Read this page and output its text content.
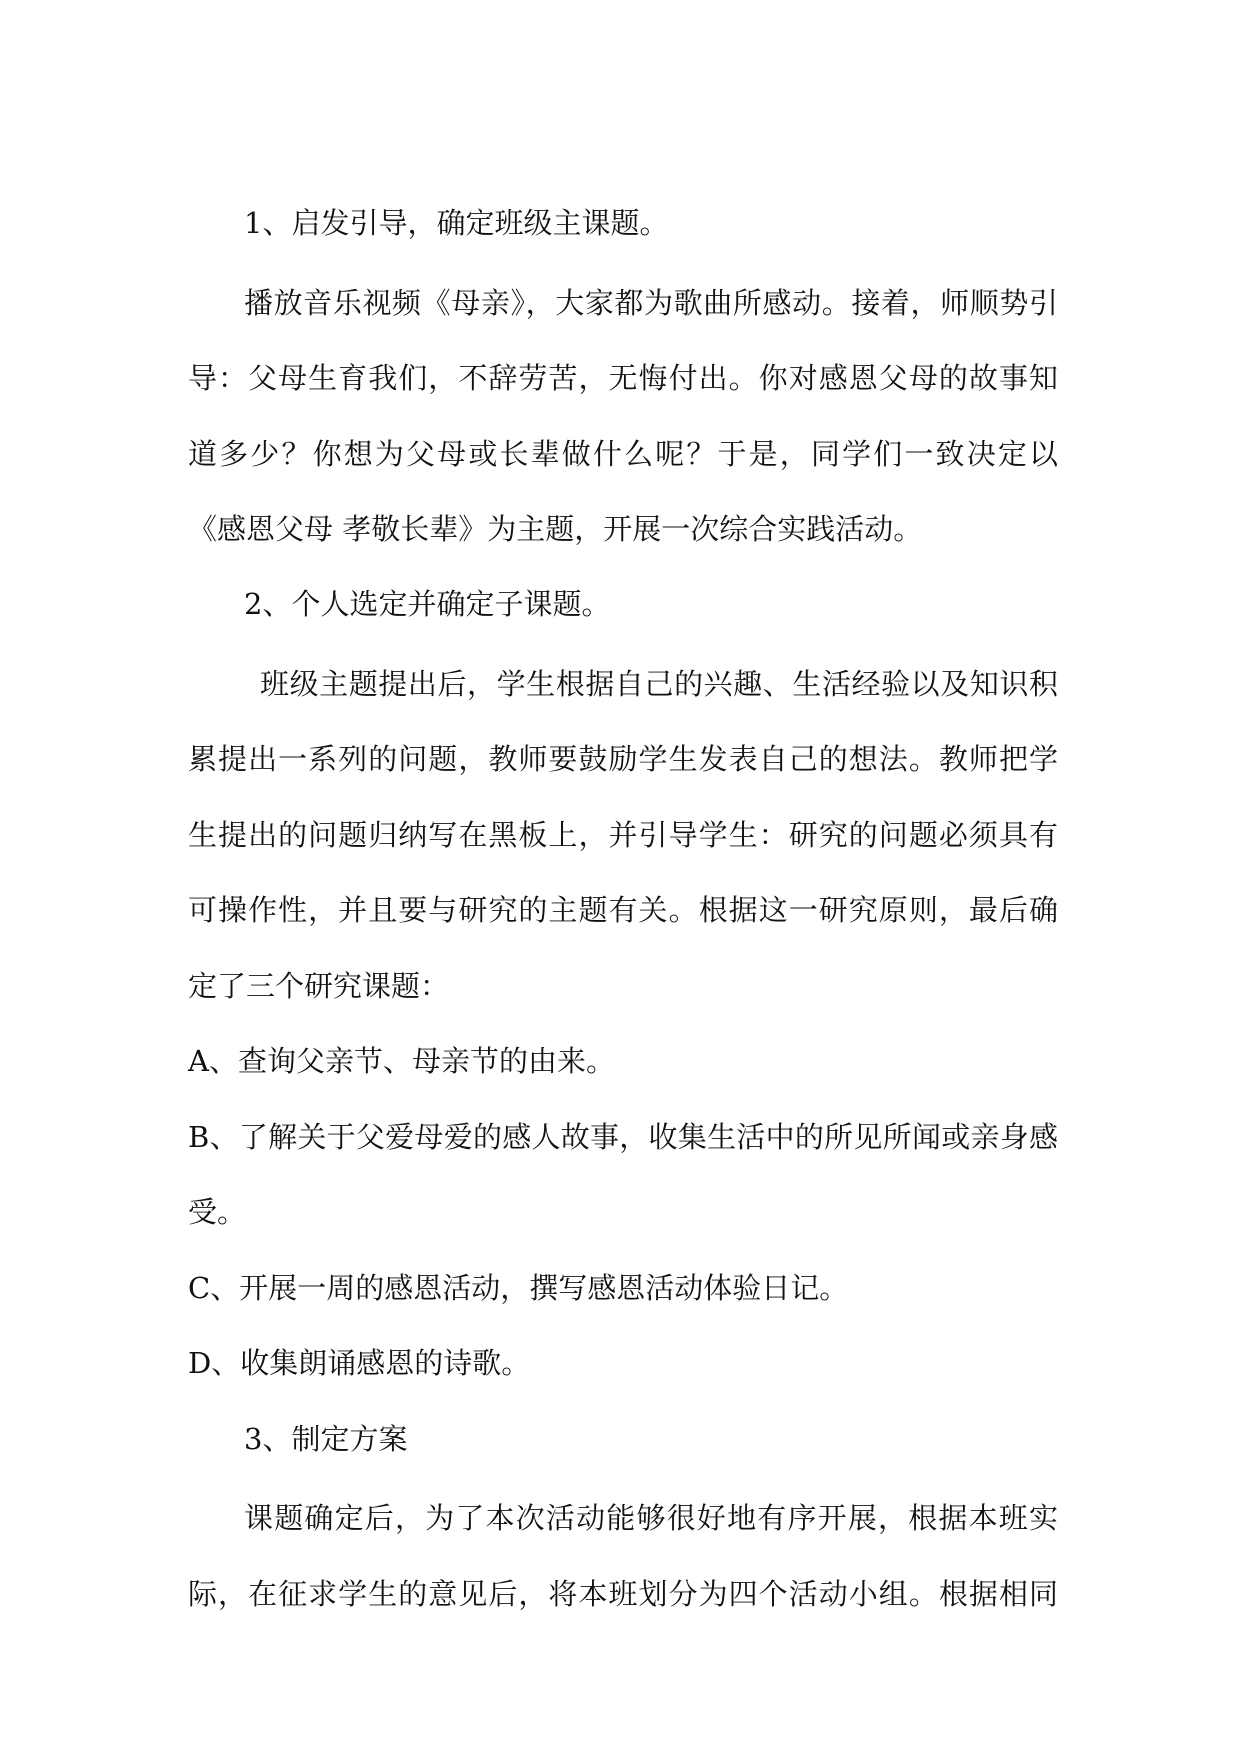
1、启发引导，确定班级主课题。
播放音乐视频《母亲》，大家都为歌曲所感动。接着，师顺势引
导：父母生育我们，不辞劳苦，无悔付出。你对感恩父母的故事知
道多少？你想为父母或长辈做什么呢？于是，同学们一致决定以
《感恩父母 孝敬长辈》为主题，开展一次综合实践活动。
2、个人选定并确定子课题。
班级主题提出后，学生根据自己的兴趣、生活经验以及知识积
累提出一系列的问题，教师要鼓励学生发表自己的想法。教师把学
生提出的问题归纳写在黑板上，并引导学生：研究的问题必须具有
可操作性，并且要与研究的主题有关。根据这一研究原则，最后确
定了三个研究课题：
A、查询父亲节、母亲节的由来。
B、了解关于父爱母爱的感人故事，收集生活中的所见所闻或亲身感
受。
C、开展一周的感恩活动，撰写感恩活动体验日记。
D、收集朗诵感恩的诗歌。
3、制定方案
课题确定后，为了本次活动能够很好地有序开展，根据本班实
际，在征求学生的意见后，将本班划分为四个活动小组。根据相同
